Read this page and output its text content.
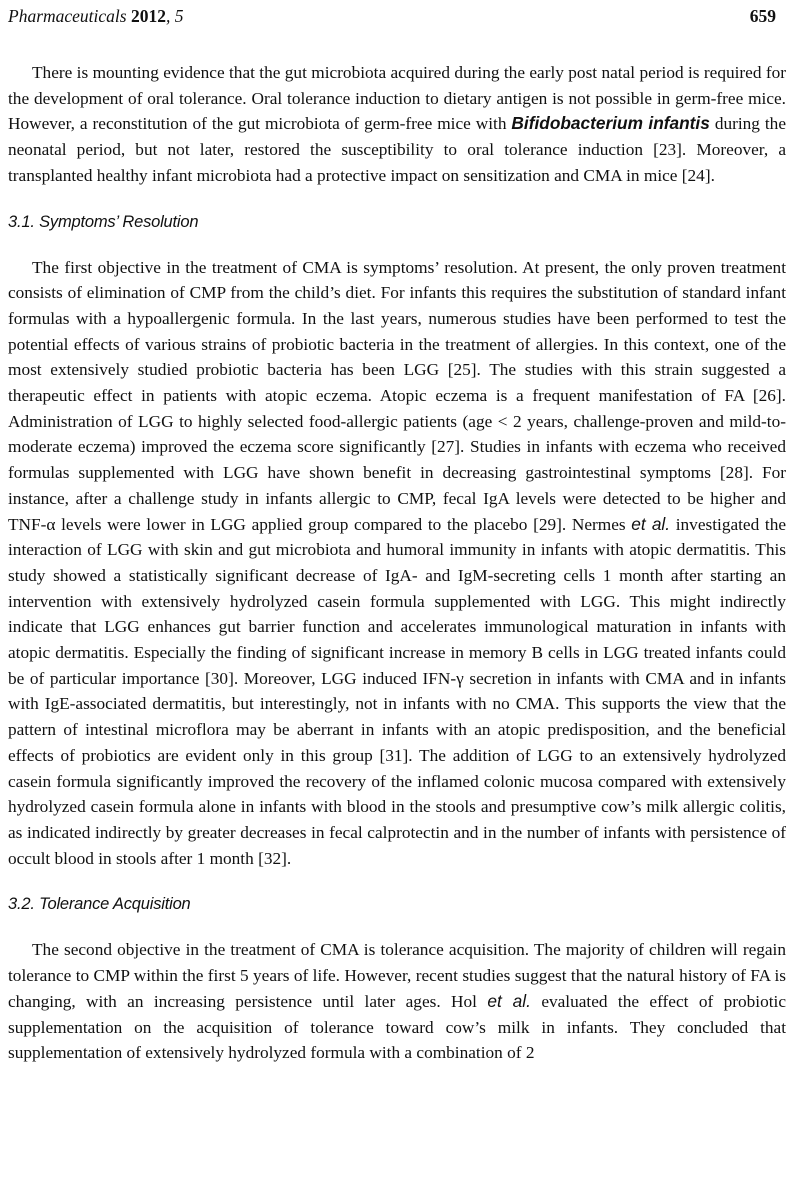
Pharmaceuticals 2012, 5	659

There is mounting evidence that the gut microbiota acquired during the early post natal period is required for the development of oral tolerance. Oral tolerance induction to dietary antigen is not possible in germ-free mice. However, a reconstitution of the gut microbiota of germ-free mice with Bifidobacterium infantis during the neonatal period, but not later, restored the susceptibility to oral tolerance induction [23]. Moreover, a transplanted healthy infant microbiota had a protective impact on sensitization and CMA in mice [24].

3.1. Symptoms’ Resolution

The first objective in the treatment of CMA is symptoms’ resolution. At present, the only proven treatment consists of elimination of CMP from the child’s diet. For infants this requires the substitution of standard infant formulas with a hypoallergenic formula. In the last years, numerous studies have been performed to test the potential effects of various strains of probiotic bacteria in the treatment of allergies. In this context, one of the most extensively studied probiotic bacteria has been LGG [25]. The studies with this strain suggested a therapeutic effect in patients with atopic eczema. Atopic eczema is a frequent manifestation of FA [26]. Administration of LGG to highly selected food-allergic patients (age < 2 years, challenge-proven and mild-to-moderate eczema) improved the eczema score significantly [27]. Studies in infants with eczema who received formulas supplemented with LGG have shown benefit in decreasing gastrointestinal symptoms [28]. For instance, after a challenge study in infants allergic to CMP, fecal IgA levels were detected to be higher and TNF-α levels were lower in LGG applied group compared to the placebo [29]. Nermes et al. investigated the interaction of LGG with skin and gut microbiota and humoral immunity in infants with atopic dermatitis. This study showed a statistically significant decrease of IgA- and IgM-secreting cells 1 month after starting an intervention with extensively hydrolyzed casein formula supplemented with LGG. This might indirectly indicate that LGG enhances gut barrier function and accelerates immunological maturation in infants with atopic dermatitis. Especially the finding of significant increase in memory B cells in LGG treated infants could be of particular importance [30]. Moreover, LGG induced IFN-γ secretion in infants with CMA and in infants with IgE-associated dermatitis, but interestingly, not in infants with no CMA. This supports the view that the pattern of intestinal microflora may be aberrant in infants with an atopic predisposition, and the beneficial effects of probiotics are evident only in this group [31]. The addition of LGG to an extensively hydrolyzed casein formula significantly improved the recovery of the inflamed colonic mucosa compared with extensively hydrolyzed casein formula alone in infants with blood in the stools and presumptive cow’s milk allergic colitis, as indicated indirectly by greater decreases in fecal calprotectin and in the number of infants with persistence of occult blood in stools after 1 month [32].

3.2. Tolerance Acquisition

The second objective in the treatment of CMA is tolerance acquisition. The majority of children will regain tolerance to CMP within the first 5 years of life. However, recent studies suggest that the natural history of FA is changing, with an increasing persistence until later ages. Hol et al. evaluated the effect of probiotic supplementation on the acquisition of tolerance toward cow’s milk in infants. They concluded that supplementation of extensively hydrolyzed formula with a combination of 2
